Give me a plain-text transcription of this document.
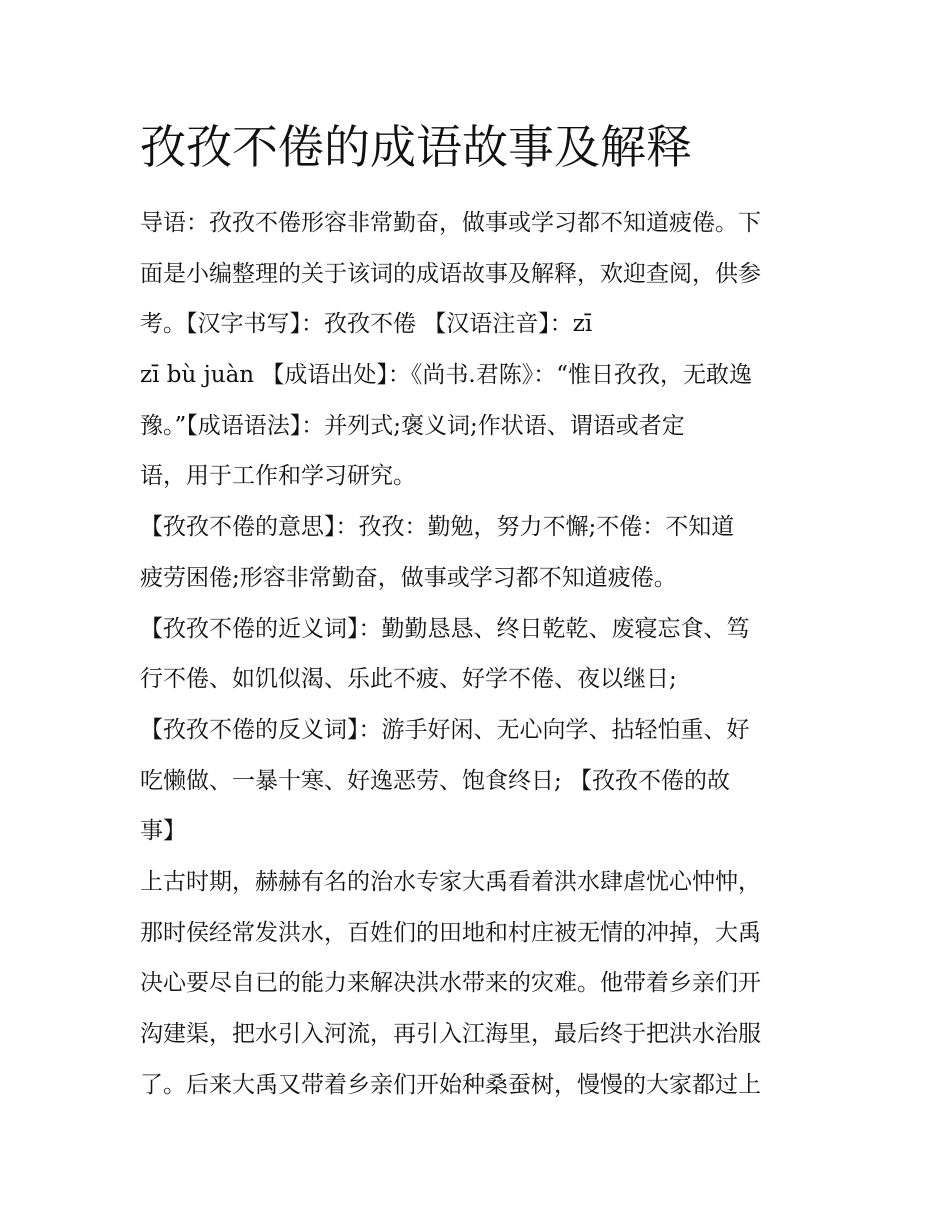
孜孜不倦的成语故事及解释
导语：孜孜不倦形容非常勤奋，做事或学习都不知道疲倦。下
面是小编整理的关于该词的成语故事及解释，欢迎查阅，供参
考。【汉字书写】：孜孜不倦 【汉语注音】：zī
zī bù juàn 【成语出处】：《尚书.君陈》：“惟日孜孜，无敢逸
豫。”【成语语法】：并列式;褒义词;作状语、谓语或者定
语，用于工作和学习研究。
【孜孜不倦的意思】：孜孜：勤勉，努力不懈;不倦：不知道
疲劳困倦;形容非常勤奋，做事或学习都不知道疲倦。
【孜孜不倦的近义词】：勤勤恳恳、终日乾乾、废寝忘食、笃
行不倦、如饥似渴、乐此不疲、好学不倦、夜以继日;
【孜孜不倦的反义词】：游手好闲、无心向学、拈轻怕重、好
吃懒做、一暴十寒、好逸恶劳、饱食终日; 【孜孜不倦的故
事】
上古时期，赫赫有名的治水专家大禹看着洪水肆虐忧心忡忡，
那时侯经常发洪水，百姓们的田地和村庄被无情的冲掉，大禹
决心要尽自已的能力来解决洪水带来的灾难。他带着乡亲们开
沟建渠，把水引入河流，再引入江海里，最后终于把洪水治服
了。后来大禹又带着乡亲们开始种桑蚕树，慢慢的大家都过上
